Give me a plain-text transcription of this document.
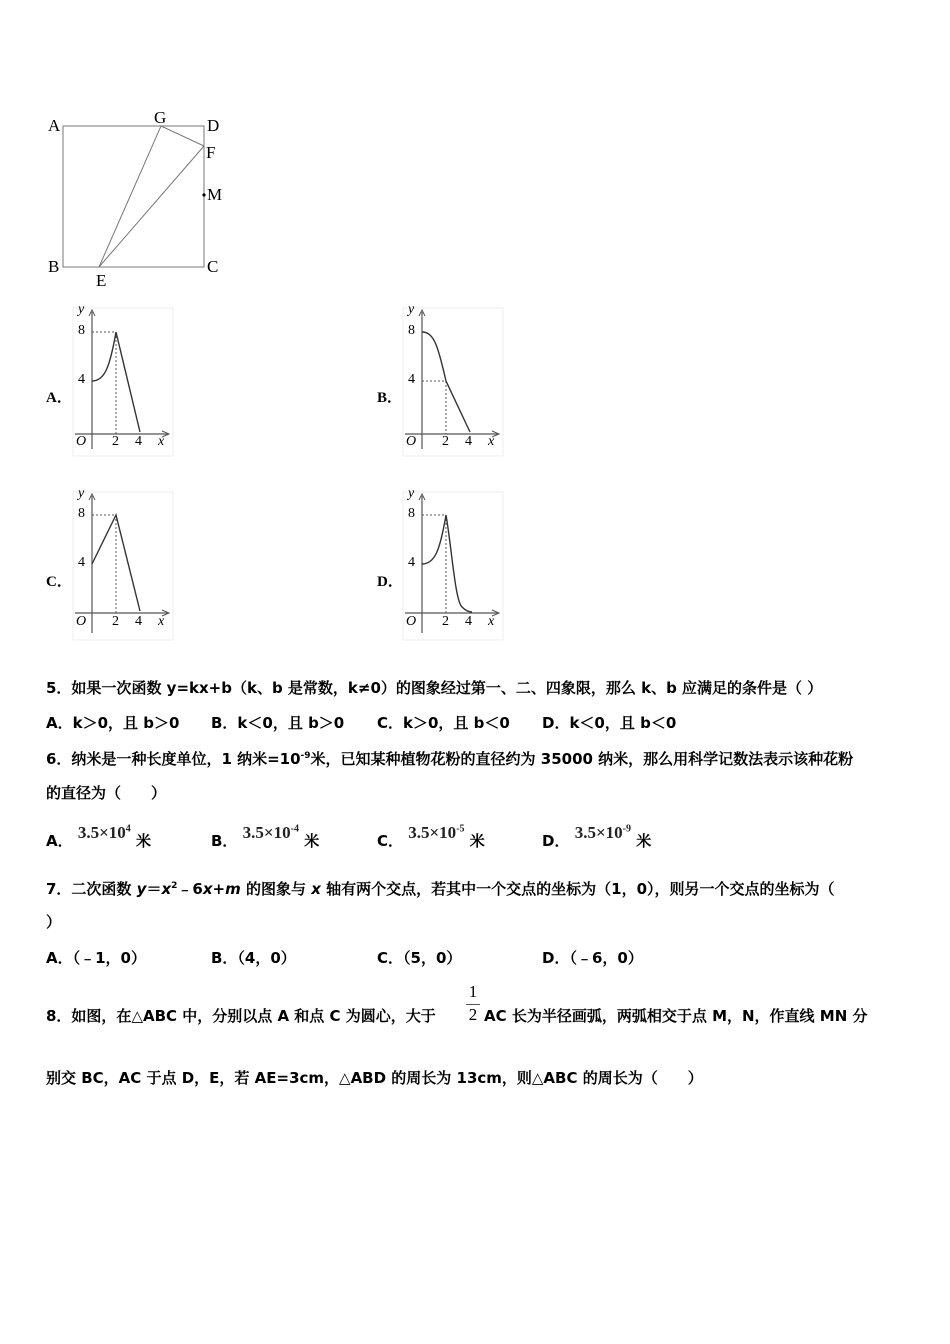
A	G D
F
M
B
E
C
A．	B．
C．	D．
y
8
4
O 2 4 x
y
8
4
O 2 4 x
y
8
4
O 2 4 x
y
8
4
O 2 4 x
5．如果一次函数 y=kx+b（k、b 是常数，k≠0）的图象经过第一、二、四象限，那么 k、b 应满足的条件是（ ）
A．k＞0，且 b＞0 B．k＜0，且 b＞0 C．k＞0，且 b＜0 D．k＜0，且 b＜0
6．纳米是一种长度单位，1 纳米$=10^{-9}$米，已知某种植物花粉的直径约为 35000 纳米，那么用科学记数法表示该种花粉
的直径为（　　）
A． $3.5\times 10^4$ 米	B． $3.5\times 10^{-4}$ 米	C． $3.5\times 10^{-5}$ 米	D． $3.5\times 10^{-9}$ 米
7．二次函数 $y=x^2﹣6x+m$ 的图象与 x 轴有两个交点，若其中一个交点的坐标为（1，0），则另一个交点的坐标为（
）
A．（﹣1，0）	B．（4，0）	C．（5，0）	D．（﹣6，0）
8．如图，在△ABC 中，分别以点 A 和点 C 为圆心，大于
1
2 AC 长为半径画弧，两弧相交于点 M，N，作直线 MN 分
别交 BC，AC 于点 D，E，若 AE=3cm，△ABD 的周长为 13cm，则△ABC 的周长为（　　）
